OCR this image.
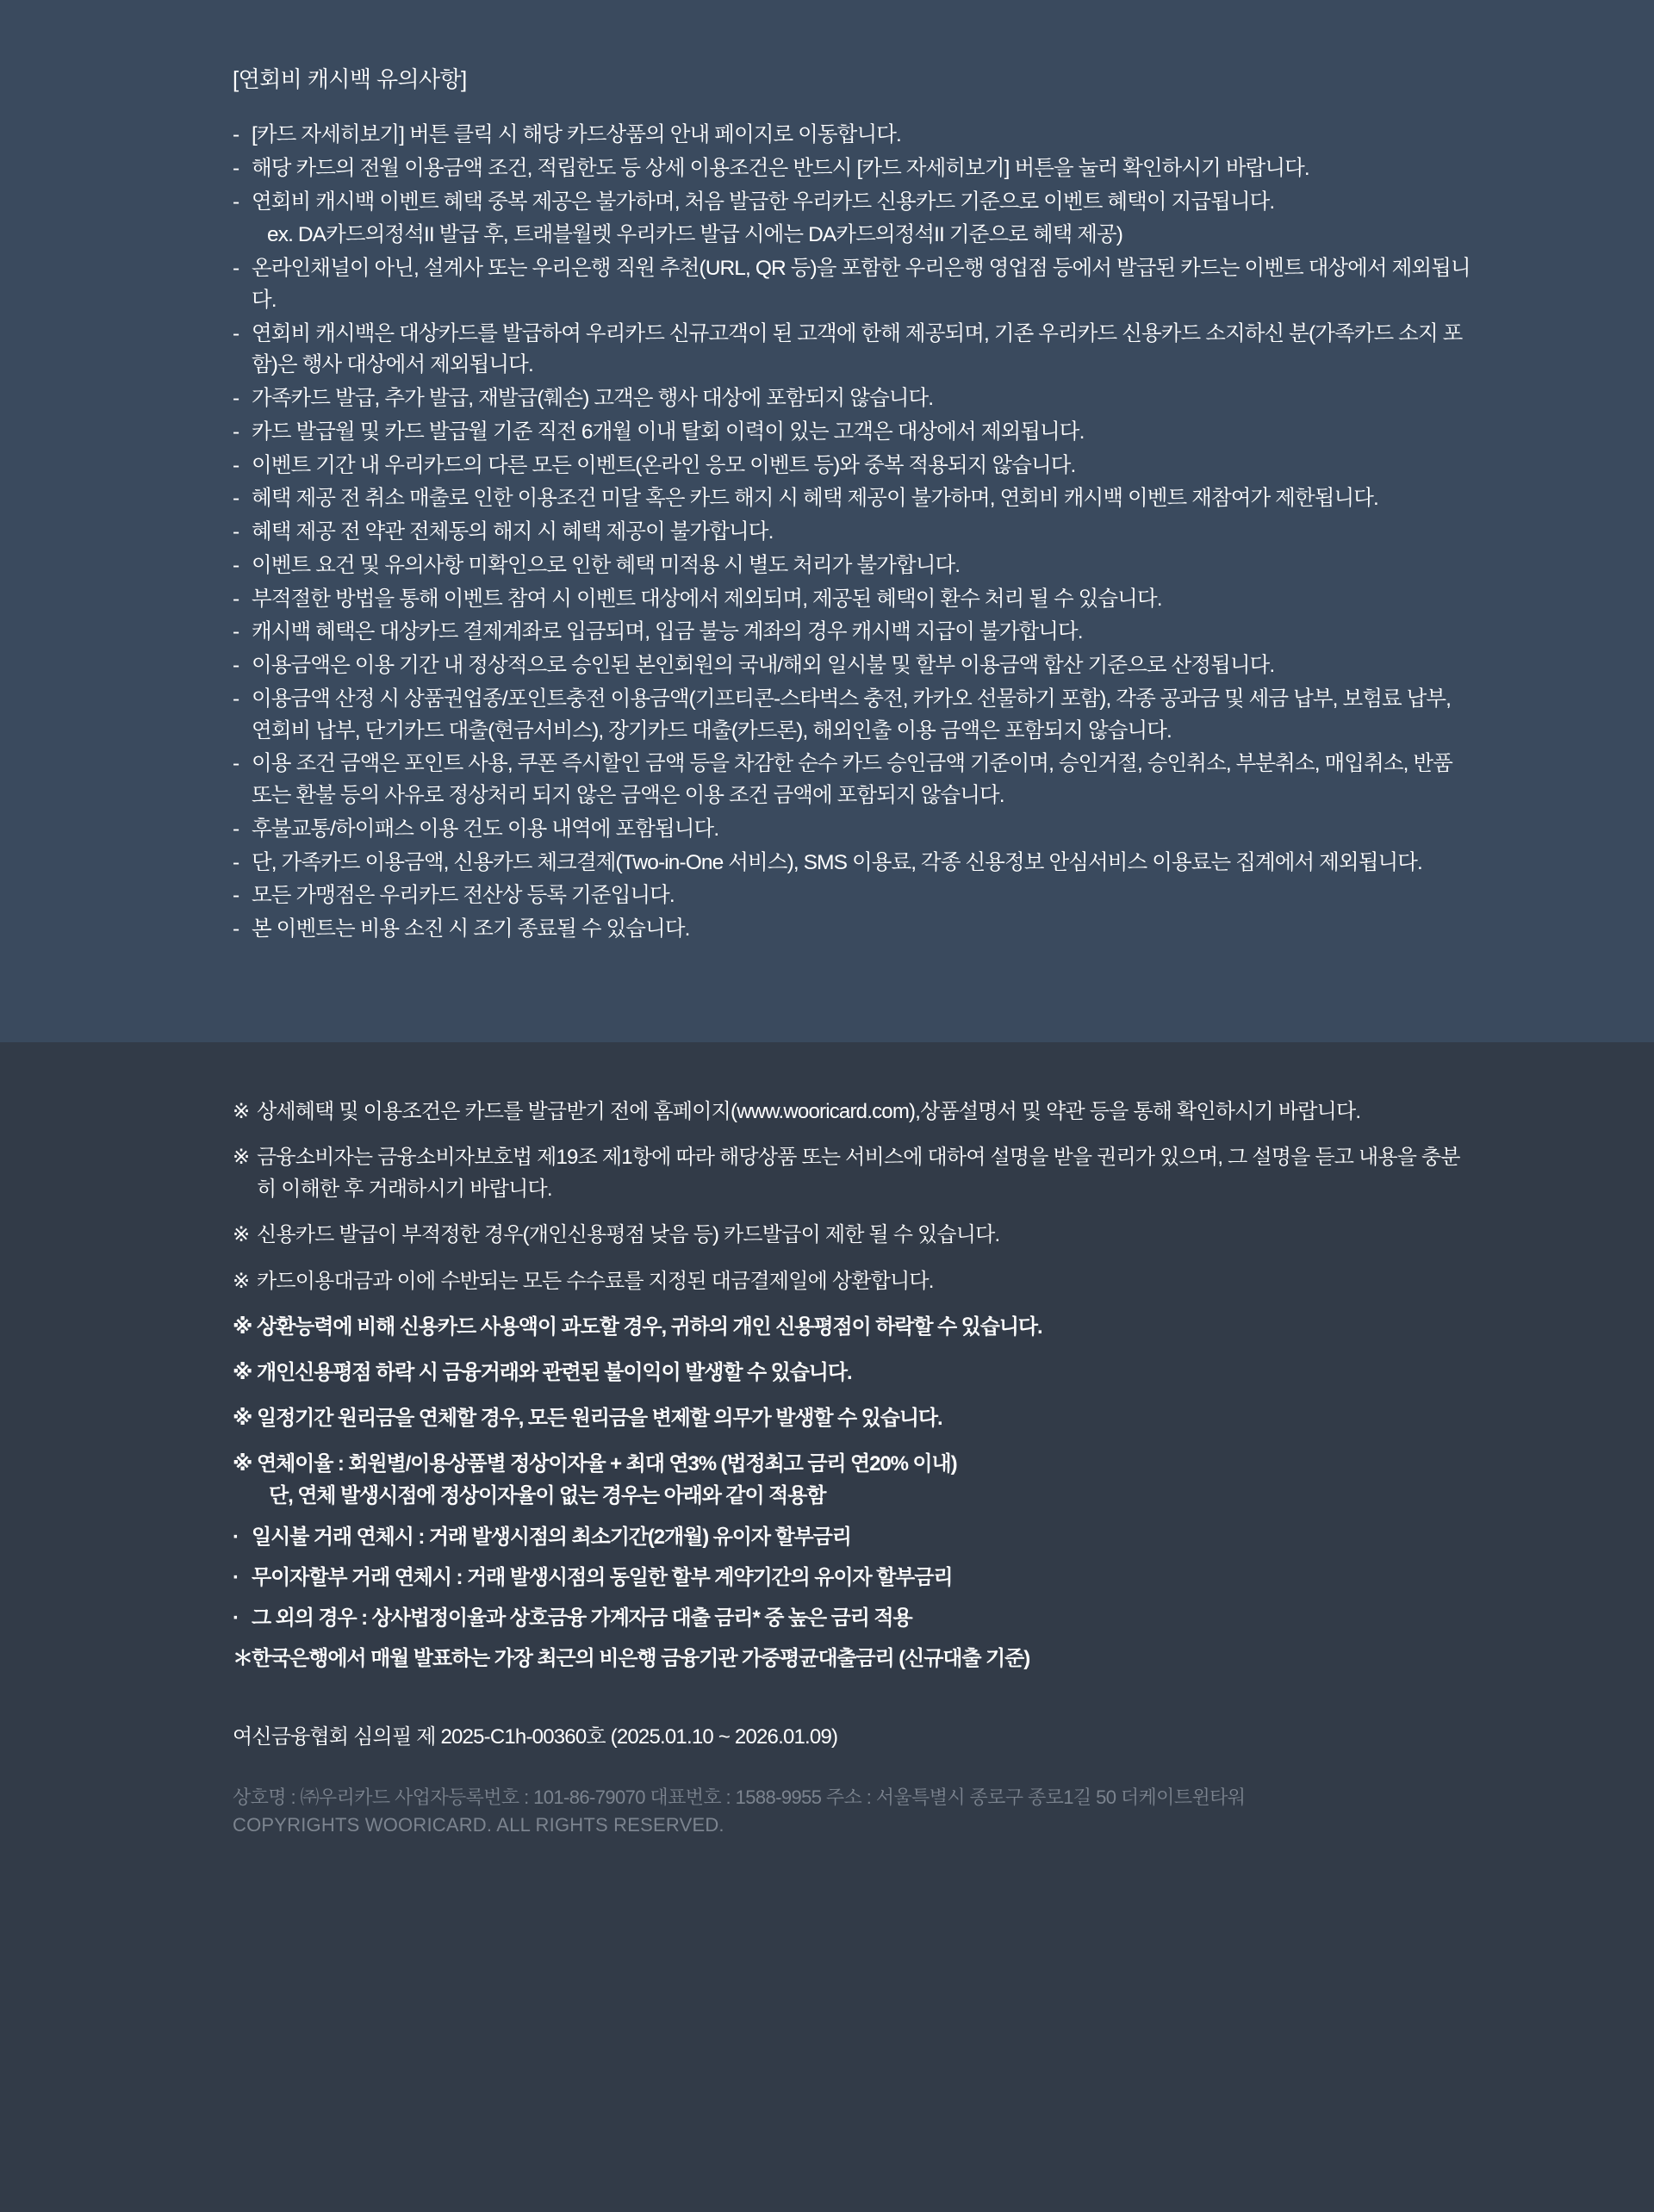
[연회비 캐시백 유의사항]
- [카드 자세히보기] 버튼 클릭 시 해당 카드상품의 안내 페이지로 이동합니다.
- 해당 카드의 전월 이용금액 조건, 적립한도 등 상세 이용조건은 반드시 [카드 자세히보기] 버튼을 눌러 확인하시기 바랍니다.
- 연회비 캐시백 이벤트 혜택 중복 제공은 불가하며, 처음 발급한 우리카드 신용카드 기준으로 이벤트 혜택이 지급됩니다.
ex. DA카드의정석II 발급 후, 트래블월렛 우리카드 발급 시에는 DA카드의정석II 기준으로 혜택 제공)
- 온라인채널이 아닌, 설계사 또는 우리은행 직원 추천(URL, QR 등)을 포함한 우리은행 영업점 등에서 발급된 카드는 이벤트 대상에서 제외됩니다.
- 연회비 캐시백은 대상카드를 발급하여 우리카드 신규고객이 된 고객에 한해 제공되며, 기존 우리카드 신용카드 소지하신 분(가족카드 소지 포함)은 행사 대상에서 제외됩니다.
- 가족카드 발급, 추가 발급, 재발급(훼손) 고객은 행사 대상에 포함되지 않습니다.
- 카드 발급월 및 카드 발급월 기준 직전 6개월 이내 탈회 이력이 있는 고객은 대상에서 제외됩니다.
- 이벤트 기간 내 우리카드의 다른 모든 이벤트(온라인 응모 이벤트 등)와 중복 적용되지 않습니다.
- 혜택 제공 전 취소 매출로 인한 이용조건 미달 혹은 카드 해지 시 혜택 제공이 불가하며, 연회비 캐시백 이벤트 재참여가 제한됩니다.
- 혜택 제공 전 약관 전체동의 해지 시 혜택 제공이 불가합니다.
- 이벤트 요건 및 유의사항 미확인으로 인한 혜택 미적용 시 별도 처리가 불가합니다.
- 부적절한 방법을 통해 이벤트 참여 시 이벤트 대상에서 제외되며, 제공된 혜택이 환수 처리 될 수 있습니다.
- 캐시백 혜택은 대상카드 결제계좌로 입금되며, 입금 불능 계좌의 경우 캐시백 지급이 불가합니다.
- 이용금액은 이용 기간 내 정상적으로 승인된 본인회원의 국내/해외 일시불 및 할부 이용금액 합산 기준으로 산정됩니다.
- 이용금액 산정 시 상품권업종/포인트충전 이용금액(기프티콘-스타벅스 충전, 카카오 선물하기 포함), 각종 공과금 및 세금 납부, 보험료 납부, 연회비 납부, 단기카드 대출(현금서비스), 장기카드 대출(카드론), 해외인출 이용 금액은 포함되지 않습니다.
- 이용 조건 금액은 포인트 사용, 쿠폰 즉시할인 금액 등을 차감한 순수 카드 승인금액 기준이며, 승인거절, 승인취소, 부분취소, 매입취소, 반품 또는 환불 등의 사유로 정상처리 되지 않은 금액은 이용 조건 금액에 포함되지 않습니다.
- 후불교통/하이패스 이용 건도 이용 내역에 포함됩니다.
- 단, 가족카드 이용금액, 신용카드 체크결제(Two-in-One 서비스), SMS 이용료, 각종 신용정보 안심서비스 이용료는 집계에서 제외됩니다.
- 모든 가맹점은 우리카드 전산상 등록 기준입니다.
- 본 이벤트는 비용 소진 시 조기 종료될 수 있습니다.
※ 상세혜택 및 이용조건은 카드를 발급받기 전에 홈페이지(www.wooricard.com),상품설명서 및 약관 등을 통해 확인하시기 바랍니다.
※ 금융소비자는 금융소비자보호법 제19조 제1항에 따라 해당상품 또는 서비스에 대하여 설명을 받을 권리가 있으며, 그 설명을 듣고 내용을 충분히 이해한 후 거래하시기 바랍니다.
※ 신용카드 발급이 부적정한 경우(개인신용평점 낮음 등) 카드발급이 제한 될 수 있습니다.
※ 카드이용대금과 이에 수반되는 모든 수수료를 지정된 대금결제일에 상환합니다.
※ 상환능력에 비해 신용카드 사용액이 과도할 경우, 귀하의 개인 신용평점이 하락할 수 있습니다.
※ 개인신용평점 하락 시 금융거래와 관련된 불이익이 발생할 수 있습니다.
※ 일정기간 원리금을 연체할 경우, 모든 원리금을 변제할 의무가 발생할 수 있습니다.
※ 연체이율 : 회원별/이용상품별 정상이자율 + 최대 연3% (법정최고 금리 연20% 이내)
단, 연체 발생시점에 정상이자율이 없는 경우는 아래와 같이 적용함
· 일시불 거래 연체시 : 거래 발생시점의 최소기간(2개월) 유이자 할부금리
· 무이자할부 거래 연체시 : 거래 발생시점의 동일한 할부 계약기간의 유이자 할부금리
· 그 외의 경우 : 상사법정이율과 상호금융 가계자금 대출 금리* 중 높은 금리 적용
＊ 한국은행에서 매월 발표하는 가장 최근의 비은행 금융기관 가중평균대출금리 (신규대출 기준)
여신금융협회 심의필 제 2025-C1h-00360호 (2025.01.10 ~ 2026.01.09)
상호명 : ㈜우리카드 사업자등록번호 : 101-86-79070 대표번호 : 1588-9955 주소 : 서울특별시 종로구 종로1길 50 더케이트윈타워
COPYRIGHTS WOORICARD. ALL RIGHTS RESERVED.
